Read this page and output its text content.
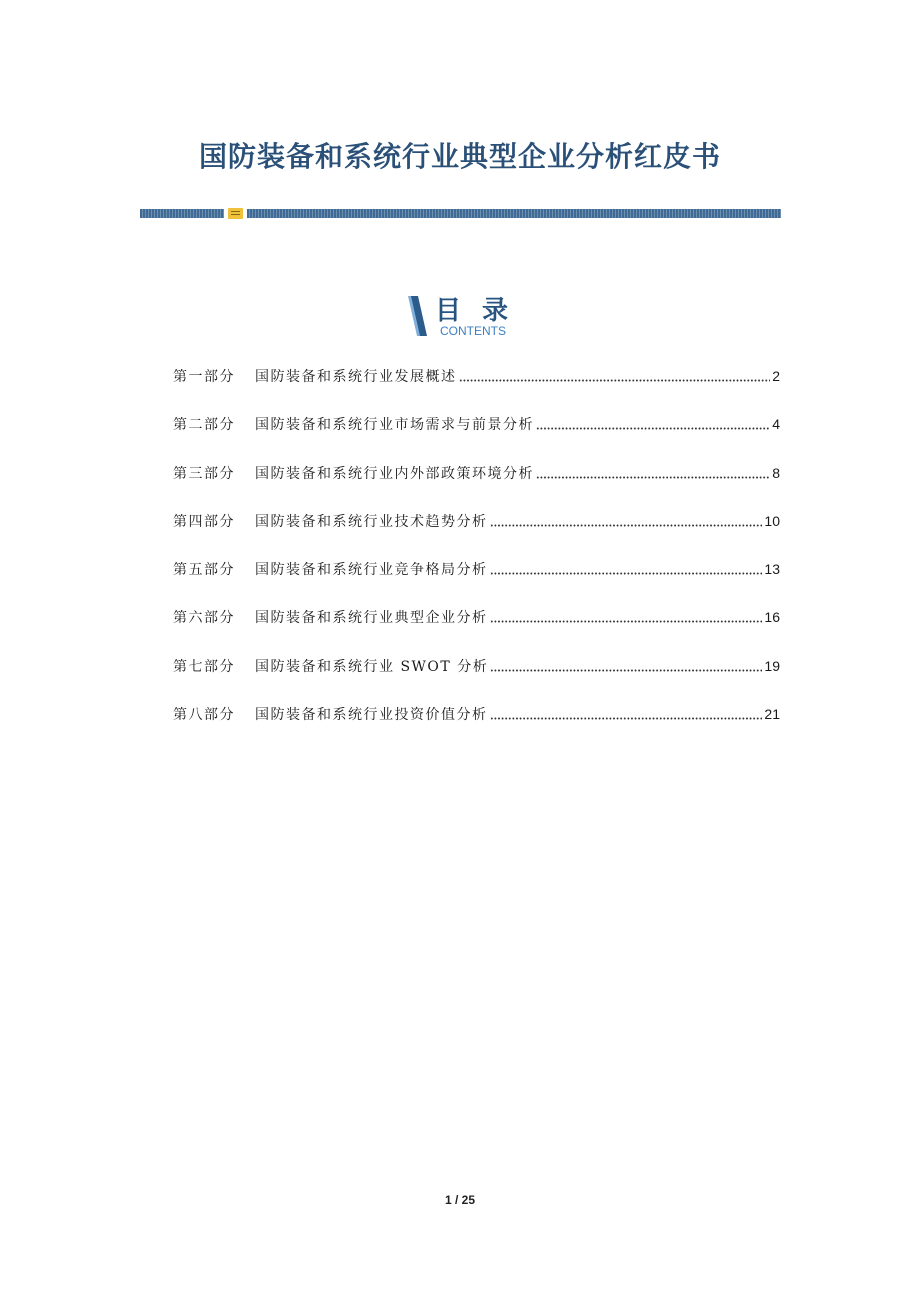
国防装备和系统行业典型企业分析红皮书
目 录
CONTENTS
第一部分	国防装备和系统行业发展概述	2
第二部分	国防装备和系统行业市场需求与前景分析	4
第三部分	国防装备和系统行业内外部政策环境分析	8
第四部分	国防装备和系统行业技术趋势分析	10
第五部分	国防装备和系统行业竞争格局分析	13
第六部分	国防装备和系统行业典型企业分析	16
第七部分	国防装备和系统行业 SWOT 分析	19
第八部分	国防装备和系统行业投资价值分析	21
1 / 25
